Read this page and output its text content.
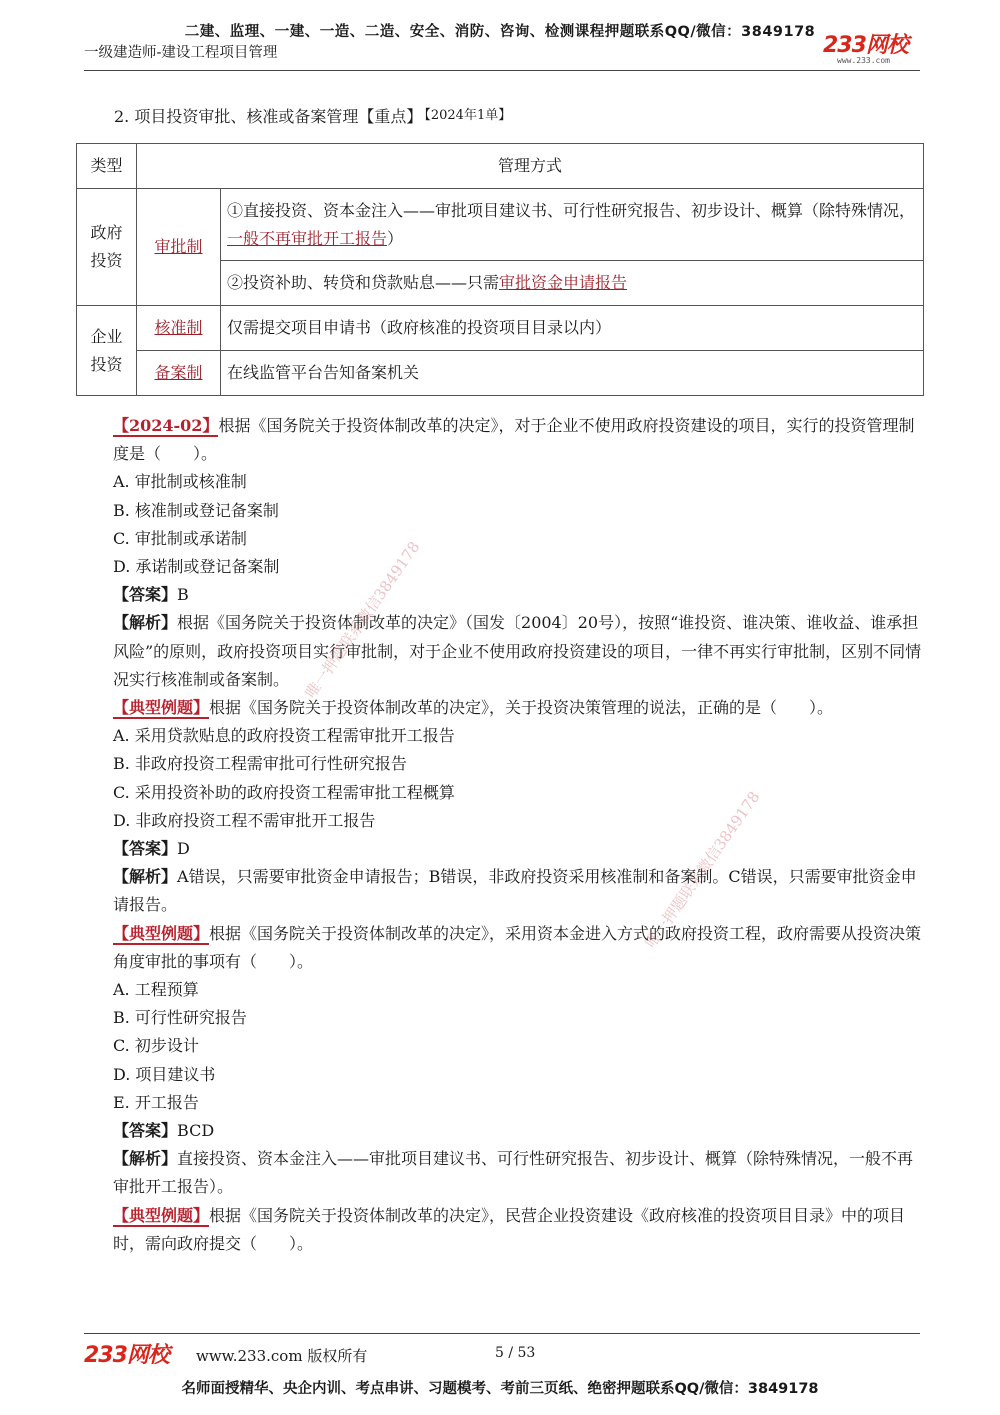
二建、监理、一建、一造、二造、安全、消防、咨询、检测课程押题联系QQ/微信：3849178
一级建造师-建设工程项目管理	233网校
www.233.com
2. 项目投资审批、核准或备案管理【重点】 【2024年1单】
类型	管理方式	
政府投资	审批制	①直接投资、资本金注入——审批项目建议书、可行性研究报告、初步设计、概算（除特殊情况，一般不再审批开工报告）
		②投资补助、转贷和贷款贴息——只需审批资金申请报告
企业投资	核准制	仅需提交项目申请书（政府核准的投资项目目录以内）
	备案制	在线监管平台告知备案机关

【2024-02】根据《国务院关于投资体制改革的决定》，对于企业不使用政府投资建设的项目，实行的投资管理制度是（　　）。

A. 审批制或核准制

B. 核准制或登记备案制

C. 审批制或承诺制

D. 承诺制或登记备案制

【答案】B

【解析】根据《国务院关于投资体制改革的决定》（国发〔2004〕20号），按照“谁投资、谁决策、谁收益、谁承担风险”的原则，政府投资项目实行审批制，对于企业不使用政府投资建设的项目，一律不再实行审批制，区别不同情况实行核准制或备案制。

【典型例题】根据《国务院关于投资体制改革的决定》，关于投资决策管理的说法，正确的是（　　）。

A. 采用贷款贴息的政府投资工程需审批开工报告

B. 非政府投资工程需审批可行性研究报告

C. 采用投资补助的政府投资工程需审批工程概算

D. 非政府投资工程不需审批开工报告

【答案】D

【解析】A错误，只需要审批资金申请报告；B错误，非政府投资采用核准制和备案制。C错误，只需要审批资金申请报告。

【典型例题】根据《国务院关于投资体制改革的决定》，采用资本金进入方式的政府投资工程，政府需要从投资决策角度审批的事项有（　　）。

A. 工程预算

B. 可行性研究报告

C. 初步设计

D. 项目建议书

E. 开工报告

【答案】BCD

【解析】直接投资、资本金注入——审批项目建议书、可行性研究报告、初步设计、概算（除特殊情况，一般不再审批开工报告）。

【典型例题】根据《国务院关于投资体制改革的决定》，民营企业投资建设《政府核准的投资项目目录》中的项目时，需向政府提交（　　）。

唯一押题联系微信3849178
唯一押题联系微信3849178
233网校 www.233.com 版权所有	5 / 53
名师面授精华、央企内训、考点串讲、习题模考、考前三页纸、绝密押题联系QQ/微信：3849178
